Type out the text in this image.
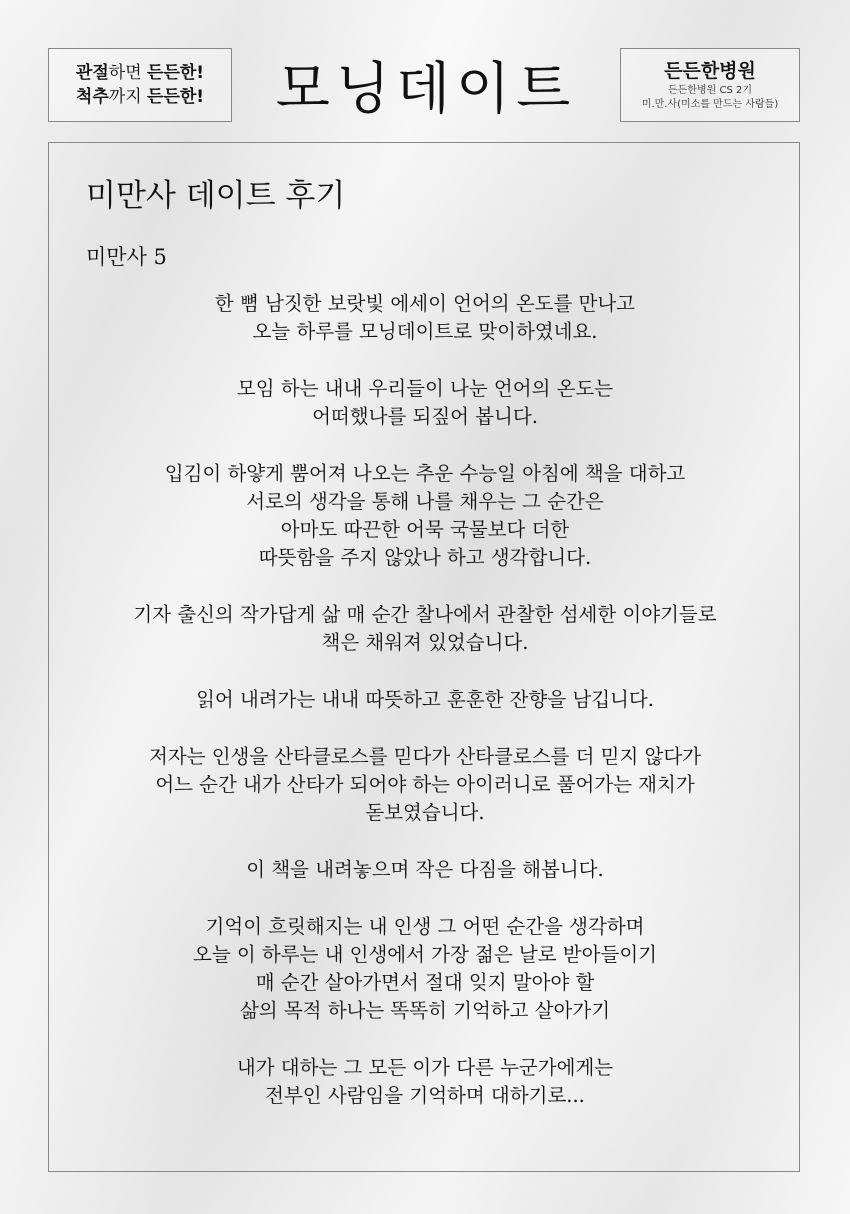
관절하면 든든한!
척추까지 든든한!	모닝데이트	든든한병원
든든한병원 CS 2기
미.만.사(미소를 만드는 사람들)
미만사 데이트 후기
미만사 5
한 뼘 남짓한 보랏빛 에세이 언어의 온도를 만나고
오늘 하루를 모닝데이트로 맞이하였네요.
모임 하는 내내 우리들이 나눈 언어의 온도는
어떠했나를 되짚어 봅니다.
입김이 하얗게 뿜어져 나오는 추운 수능일 아침에 책을 대하고
서로의 생각을 통해 나를 채우는 그 순간은
아마도 따끈한 어묵 국물보다 더한
따뜻함을 주지 않았나 하고 생각합니다.
기자 출신의 작가답게 삶 매 순간 찰나에서 관찰한 섬세한 이야기들로
책은 채워져 있었습니다.
읽어 내려가는 내내 따뜻하고 훈훈한 잔향을 남깁니다.
저자는 인생을 산타클로스를 믿다가 산타클로스를 더 믿지 않다가
어느 순간 내가 산타가 되어야 하는 아이러니로 풀어가는 재치가
돋보였습니다.
이 책을 내려놓으며 작은 다짐을 해봅니다.
기억이 흐릿해지는 내 인생 그 어떤 순간을 생각하며
오늘 이 하루는 내 인생에서 가장 젊은 날로 받아들이기
매 순간 살아가면서 절대 잊지 말아야 할
삶의 목적 하나는 똑똑히 기억하고 살아가기
내가 대하는 그 모든 이가 다른 누군가에게는
전부인 사람임을 기억하며 대하기로...
